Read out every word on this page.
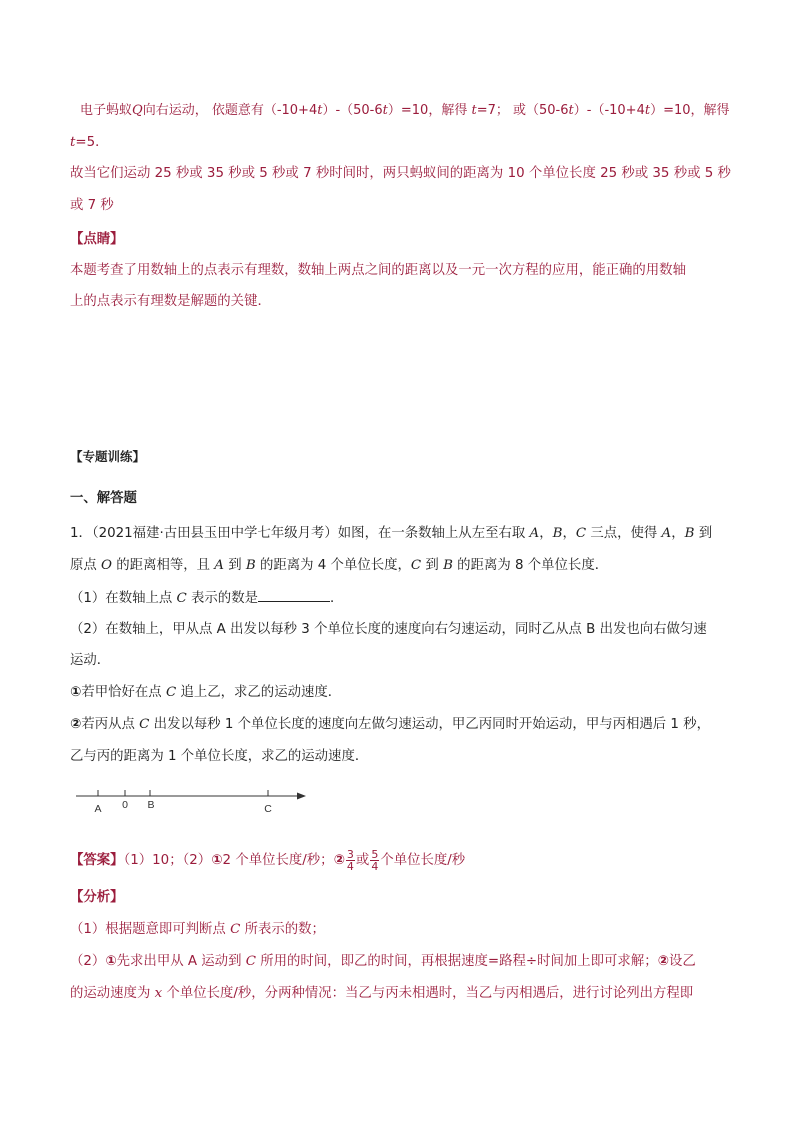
电子蚂蚁Q向右运动， 依题意有（-10+4t）-（50-6t）=10，解得 t=7； 或（50-6t）-（-10+4t）=10，解得
t=5．
故当它们运动 25 秒或 35 秒或 5 秒或 7 秒时间时，两只蚂蚁间的距离为 10 个单位长度 25 秒或 35 秒或 5 秒
或 7 秒
【点睛】
本题考查了用数轴上的点表示有理数，数轴上两点之间的距离以及一元一次方程的应用，能正确的用数轴
上的点表示有理数是解题的关键．
【专题训练】
一、解答题
1．（2021福建·古田县玉田中学七年级月考）如图，在一条数轴上从左至右取 A，B，C 三点，使得 A，B 到
原点 O 的距离相等，且 A 到 B 的距离为 4 个单位长度，C 到 B 的距离为 8 个单位长度．
（1）在数轴上点 C 表示的数是	．
（2）在数轴上，甲从点 A 出发以每秒 3 个单位长度的速度向右匀速运动，同时乙从点 B 出发也向右做匀速
运动．
①若甲恰好在点 C 追上乙，求乙的运动速度．
②若丙从点 C 出发以每秒 1 个单位长度的速度向左做匀速运动，甲乙丙同时开始运动，甲与丙相遇后 1 秒，
乙与丙的距离为 1 个单位长度，求乙的运动速度．
A 0 B	C
【答案】（1）10；（2）①2 个单位长度/秒；② $\frac{3}{4}$ 或 $\frac{5}{4}$ 个单位长度/秒
【分析】
（1）根据题意即可判断点 C 所表示的数；
（2）①先求出甲从 A 运动到 C 所用的时间，即乙的时间，再根据速度=路程÷时间加上即可求解；②设乙
的运动速度为 x 个单位长度/秒，分两种情况：当乙与丙未相遇时，当乙与丙相遇后，进行讨论列出方程即
